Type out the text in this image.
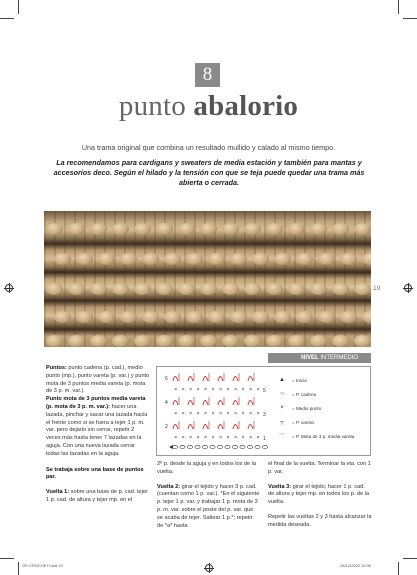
8
punto abalorio
Una trama original que combina un resultado mullido y calado al mismo tiempo.
La recomendamos para cardigans y sweaters de media estación y también para mantas y accesorios deco. Según el hilado y la tensión con que se teja puede quedar una trama más abierta o cerrada.
19
NIVEL INTERMEDIO

Puntos: punto cadena (p. cad.), medio punto (mp.), punto vareta (p. var.) y punto mota de 3 puntos media vareta (p. mota de 3 p. m. var.).
Punto mota de 3 puntos media vareta (p. mota de 3 p. m. var.): hacer una lazada, pinchar y sacar una lazada hacia el frente como si se fuera a tejer 1 p. m. var. pero dejarlo sin cerrar, repetir 2 veces más hasta tener 7 lazadas en la aguja. Con una nueva lazada cerrar todas las lazadas en la aguja.

Se trabaja sobre una base de puntos par.

Vuelta 1: sobre una base de p. cad. tejer 1 p. cad. de altura y tejer mp. en el

6
5
× × × × × × × × × × × ×
4
3
× × × × × × × × × × × ×
2
1
× × × × × × × × × × × ×
▲	= Inicio
○	= P. cadena
×	= Medio punto
┬	= P. vareta
⌒	= P. Mota de 3 p. media vareta

2º p. desde la aguja y en todos los de la vuelta.

Vuelta 2: girar el tejido y hacer 3 p. cad. (cuentan como 1 p. var.). *En el siguiente p. tejer 1 p. var. y trabajar 1 p. mota de 3 p. m. var. sobre el poste del p. var. que se acaba de tejer. Saltear 1 p.*; repetir de *a* hasta

el final de la vuelta. Terminar la vta. con 1 p. var.

Vuelta 3: girar el tejido, hacer 1 p. cad. de altura y tejer mp. en todos los p. de la vuelta.

Repetir las vueltas 2 y 3 hasta alcanzar la medida deseada.

GP-CROCHET.indd 19	28/12/2022 19:30
